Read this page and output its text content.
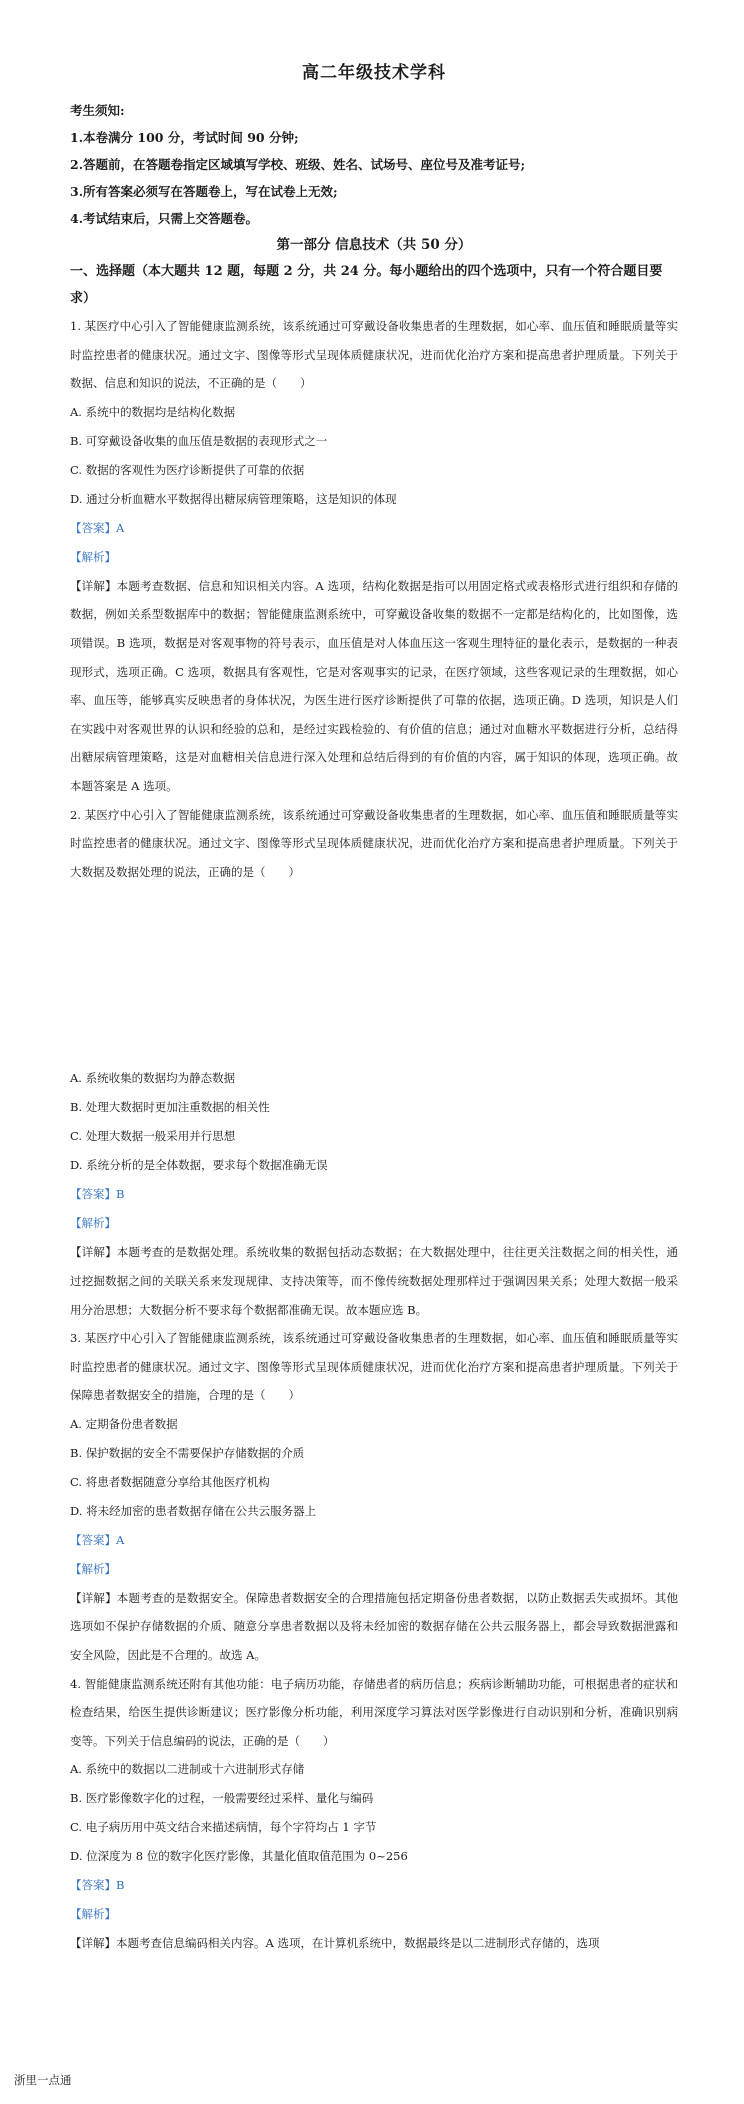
高二年级技术学科
考生须知:
1.本卷满分 100 分，考试时间 90 分钟;
2.答题前，在答题卷指定区域填写学校、班级、姓名、试场号、座位号及准考证号;
3.所有答案必须写在答题卷上，写在试卷上无效;
4.考试结束后，只需上交答题卷。
第一部分 信息技术（共 50 分）
一、选择题（本大题共 12 题，每题 2 分，共 24 分。每小题给出的四个选项中，只有一个符合题目要求）
1. 某医疗中心引入了智能健康监测系统，该系统通过可穿戴设备收集患者的生理数据，如心率、血压值和睡眠质量等实时监控患者的健康状况。通过文字、图像等形式呈现体质健康状况，进而优化治疗方案和提高患者护理质量。下列关于数据、信息和知识的说法，不正确的是（　　）
A. 系统中的数据均是结构化数据
B. 可穿戴设备收集的血压值是数据的表现形式之一
C. 数据的客观性为医疗诊断提供了可靠的依据
D. 通过分析血糖水平数据得出糖尿病管理策略，这是知识的体现
【答案】A
【解析】
【详解】本题考查数据、信息和知识相关内容。A 选项，结构化数据是指可以用固定格式或表格形式进行组织和存储的数据，例如关系型数据库中的数据；智能健康监测系统中，可穿戴设备收集的数据不一定都是结构化的，比如图像，选项错误。B 选项，数据是对客观事物的符号表示，血压值是对人体血压这一客观生理特征的量化表示，是数据的一种表现形式，选项正确。C 选项，数据具有客观性，它是对客观事实的记录，在医疗领域，这些客观记录的生理数据，如心率、血压等，能够真实反映患者的身体状况，为医生进行医疗诊断提供了可靠的依据，选项正确。D 选项，知识是人们在实践中对客观世界的认识和经验的总和，是经过实践检验的、有价值的信息；通过对血糖水平数据进行分析，总结得出糖尿病管理策略，这是对血糖相关信息进行深入处理和总结后得到的有价值的内容，属于知识的体现，选项正确。故本题答案是 A 选项。
2. 某医疗中心引入了智能健康监测系统，该系统通过可穿戴设备收集患者的生理数据，如心率、血压值和睡眠质量等实时监控患者的健康状况。通过文字、图像等形式呈现体质健康状况，进而优化治疗方案和提高患者护理质量。下列关于大数据及数据处理的说法，正确的是（　　）
A. 系统收集的数据均为静态数据
B. 处理大数据时更加注重数据的相关性
C. 处理大数据一般采用并行思想
D. 系统分析的是全体数据，要求每个数据准确无误
【答案】B
【解析】
【详解】本题考查的是数据处理。系统收集的数据包括动态数据；在大数据处理中，往往更关注数据之间的相关性，通过挖掘数据之间的关联关系来发现规律、支持决策等，而不像传统数据处理那样过于强调因果关系；处理大数据一般采用分治思想；大数据分析不要求每个数据都准确无误。故本题应选 B。
3. 某医疗中心引入了智能健康监测系统，该系统通过可穿戴设备收集患者的生理数据，如心率、血压值和睡眠质量等实时监控患者的健康状况。通过文字、图像等形式呈现体质健康状况，进而优化治疗方案和提高患者护理质量。下列关于保障患者数据安全的措施，合理的是（　　）
A. 定期备份患者数据
B. 保护数据的安全不需要保护存储数据的介质
C. 将患者数据随意分享给其他医疗机构
D. 将未经加密的患者数据存储在公共云服务器上
【答案】A
【解析】
【详解】本题考查的是数据安全。保障患者数据安全的合理措施包括定期备份患者数据，以防止数据丢失或损坏。其他选项如不保护存储数据的介质、随意分享患者数据以及将未经加密的数据存储在公共云服务器上，都会导致数据泄露和安全风险，因此是不合理的。故选 A。
4. 智能健康监测系统还附有其他功能：电子病历功能，存储患者的病历信息；疾病诊断辅助功能，可根据患者的症状和检查结果，给医生提供诊断建议；医疗影像分析功能，利用深度学习算法对医学影像进行自动识别和分析，准确识别病变等。下列关于信息编码的说法，正确的是（　　）
A. 系统中的数据以二进制或十六进制形式存储
B. 医疗影像数字化的过程，一般需要经过采样、量化与编码
C. 电子病历用中英文结合来描述病情，每个字符均占 1 字节
D. 位深度为 8 位的数字化医疗影像，其量化值取值范围为 0~256
【答案】B
【解析】
【详解】本题考查信息编码相关内容。A 选项，在计算机系统中，数据最终是以二进制形式存储的，选项
浙里一点通
